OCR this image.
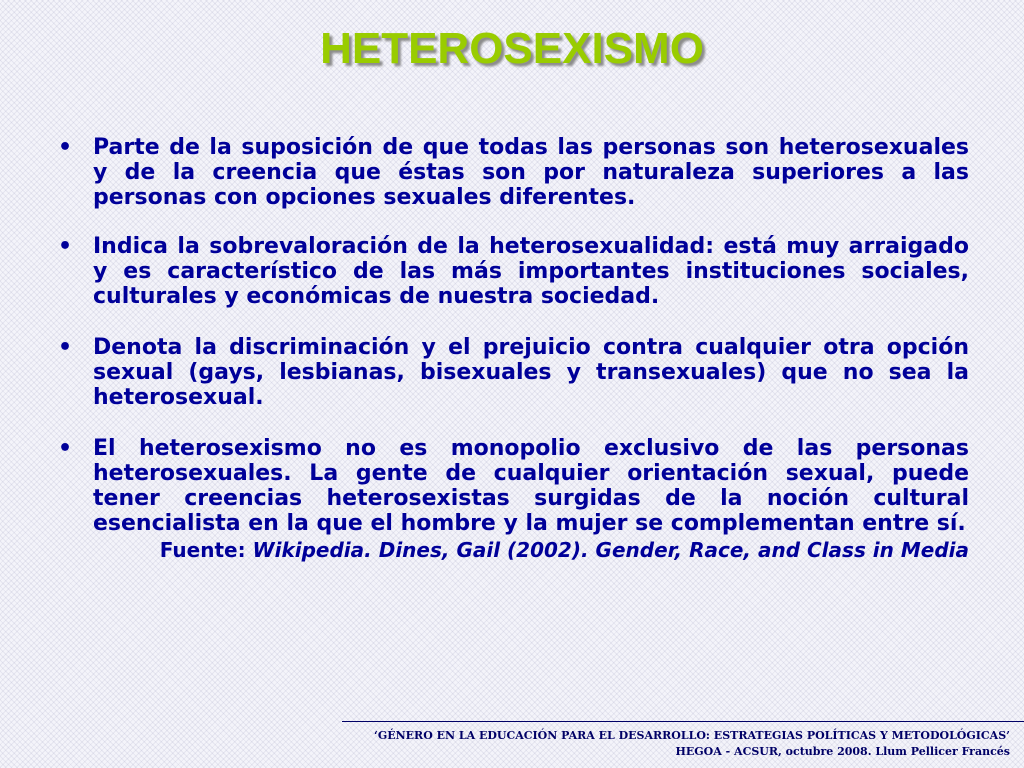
HETEROSEXISMO
• Parte de la suposición de que todas las personas son heterosexuales y de la creencia que éstas son por naturaleza superiores a las personas con opciones sexuales diferentes.
• Indica la sobrevaloración de la heterosexualidad: está muy arraigado y es característico de las más importantes instituciones sociales, culturales y económicas de nuestra sociedad.
• Denota la discriminación y el prejuicio contra cualquier otra opción sexual (gays, lesbianas, bisexuales y transexuales) que no sea la heterosexual.
• El heterosexismo no es monopolio exclusivo de las personas heterosexuales. La gente de cualquier orientación sexual, puede tener creencias heterosexistas surgidas de la noción cultural esencialista en la que el hombre y la mujer se complementan entre sí.
Fuente: Wikipedia. Dines, Gail (2002). Gender, Race, and Class in Media
‘GÉNERO EN LA EDUCACIÓN PARA EL DESARROLLO: ESTRATEGIAS POLÍTICAS Y METODOLÓGICAS’
HEGOA - ACSUR, octubre 2008. Llum Pellicer Francés
